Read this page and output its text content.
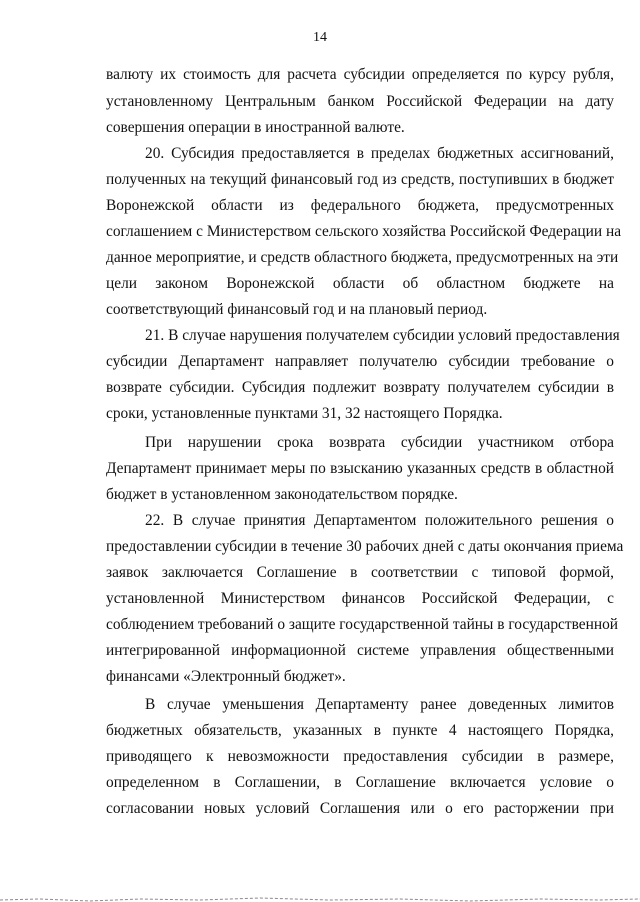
14
валюту их стоимость для расчета субсидии определяется по курсу рубля,
установленному Центральным банком Российской Федерации на дату
совершения операции в иностранной валюте.
20. Субсидия предоставляется в пределах бюджетных ассигнований,
полученных на текущий финансовый год из средств, поступивших в бюджет
Воронежской области из федерального бюджета, предусмотренных
соглашением с Министерством сельского хозяйства Российской Федерации на
данное мероприятие, и средств областного бюджета, предусмотренных на эти
цели законом Воронежской области об областном бюджете на
соответствующий финансовый год и на плановый период.
21. В случае нарушения получателем субсидии условий предоставления
субсидии Департамент направляет получателю субсидии требование о
возврате субсидии. Субсидия подлежит возврату получателем субсидии в
сроки, установленные пунктами 31, 32 настоящего Порядка.
При нарушении срока возврата субсидии участником отбора
Департамент принимает меры по взысканию указанных средств в областной
бюджет в установленном законодательством порядке.
22. В случае принятия Департаментом положительного решения о
предоставлении субсидии в течение 30 рабочих дней с даты окончания приема
заявок заключается Соглашение в соответствии с типовой формой,
установленной Министерством финансов Российской Федерации, с
соблюдением требований о защите государственной тайны в государственной
интегрированной информационной системе управления общественными
финансами «Электронный бюджет».
В случае уменьшения Департаменту ранее доведенных лимитов
бюджетных обязательств, указанных в пункте 4 настоящего Порядка,
приводящего к невозможности предоставления субсидии в размере,
определенном в Соглашении, в Соглашение включается условие о
согласовании новых условий Соглашения или о его расторжении при
